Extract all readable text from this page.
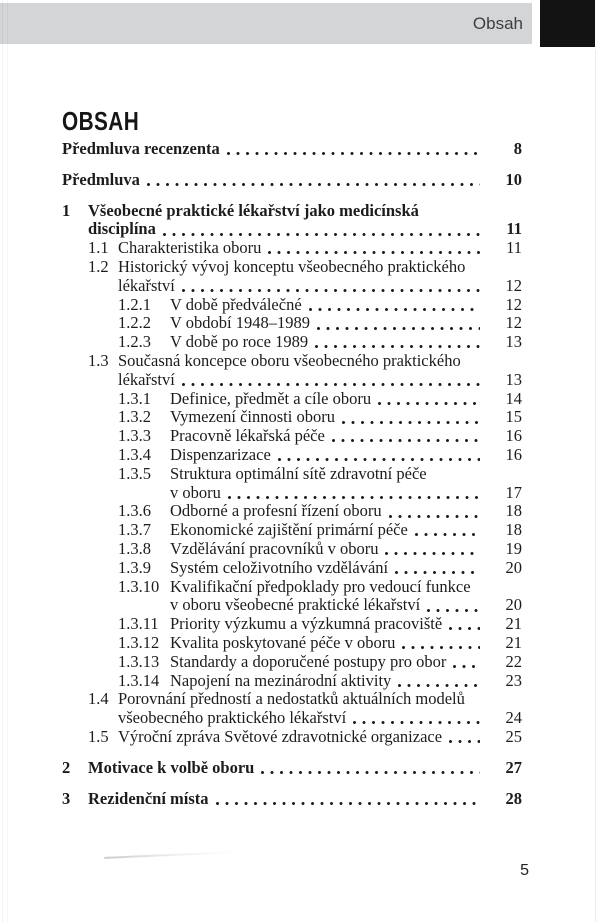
Obsah
OBSAH
Předmluva recenzenta	8
Předmluva	10
1	Všeobecné praktické lékařství jako medicínská
disciplína	11
1.1 Charakteristika oboru	11
1.2 Historický vývoj konceptu všeobecného praktického
lékařství	12
1.2.1	V době předválečné	12
1.2.2	V období 1948–1989	12
1.2.3	V době po roce 1989	13
1.3 Současná koncepce oboru všeobecného praktického
lékařství	13
1.3.1	Definice, předmět a cíle oboru	14
1.3.2	Vymezení činnosti oboru	15
1.3.3	Pracovně lékařská péče	16
1.3.4	Dispenzarizace	16
1.3.5	Struktura optimální sítě zdravotní péče
v oboru	17
1.3.6	Odborné a profesní řízení oboru	18
1.3.7	Ekonomické zajištění primární péče	18
1.3.8	Vzdělávání pracovníků v oboru	19
1.3.9	Systém celoživotního vzdělávání	20
1.3.10 Kvalifikační předpoklady pro vedoucí funkce
v oboru všeobecné praktické lékařství	20
1.3.11 Priority výzkumu a výzkumná pracoviště	21
1.3.12 Kvalita poskytované péče v oboru	21
1.3.13 Standardy a doporučené postupy pro obor	22
1.3.14 Napojení na mezinárodní aktivity	23
1.4 Porovnání předností a nedostatků aktuálních modelů
všeobecného praktického lékařství	24
1.5 Výroční zpráva Světové zdravotnické organizace	25
2	Motivace k volbě oboru	27
3	Rezidenční místa	28
5
